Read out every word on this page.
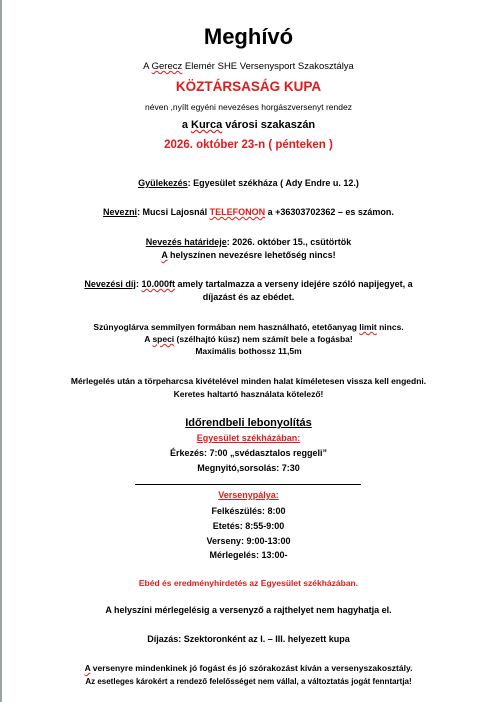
Meghívó
A Gerecz Elemér SHE Versenysport Szakosztálya
KÖZTÁRSASÁG KUPA
néven ,nyílt egyéni nevezéses horgászversenyt rendez
a Kurca városi szakaszán
2026. október 23-n ( pénteken )
Gyülekezés: Egyesület székháza ( Ady Endre u. 12.)
Nevezni: Mucsi Lajosnál TELEFONON a +36303702362 – es számon.
Nevezés határideje: 2026. október 15., csütörtök
A helyszínen nevezésre lehetőség nincs!
Nevezési díj: 10.000ft amely tartalmazza a verseny idejére szóló napijegyet, a
díjazást és az ebédet.
Szúnyoglárva semmilyen formában nem használható, etetőanyag limit nincs.
A speci (szélhajtó küsz) nem számít bele a fogásba!
Maximális bothossz 11,5m
Mérlegelés után a törpeharcsa kivételével minden halat kíméletesen vissza kell engedni.
Keretes haltartó használata kötelező!
Időrendbeli lebonyolítás
Egyesület székházában:
Érkezés: 7:00 „svédasztalos reggeli”
Megnyitó,sorsolás: 7:30
Versenypálya:
Felkészülés: 8:00
Etetés: 8:55-9:00
Verseny: 9:00-13:00
Mérlegelés: 13:00-
Ebéd és eredményhirdetés az Egyesület székházában.
A helyszíni mérlegelésig a versenyző a rajthelyet nem hagyhatja el.
Díjazás: Szektoronként az I. – III. helyezett kupa
A versenyre mindenkinek jó fogást és jó szórakozást kíván a versenyszakosztály.
Az esetleges károkért a rendező felelősséget nem vállal, a változtatás jogát fenntartja!
